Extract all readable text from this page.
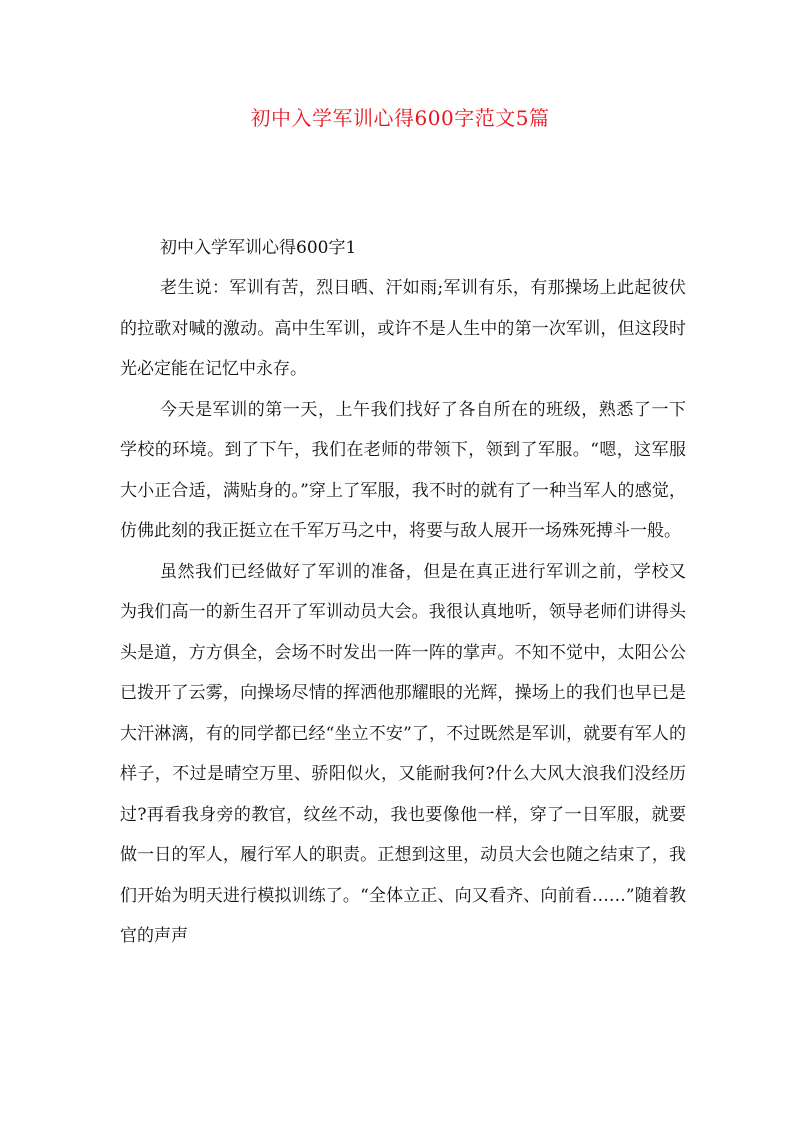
初中入学军训心得600字范文5篇
初中入学军训心得600字1

老生说：军训有苦，烈日晒、汗如雨;军训有乐，有那操场上此起彼伏的拉歌对喊的激动。高中生军训，或许不是人生中的第一次军训，但这段时光必定能在记忆中永存。

今天是军训的第一天，上午我们找好了各自所在的班级，熟悉了一下学校的环境。到了下午，我们在老师的带领下，领到了军服。“嗯，这军服大小正合适，满贴身的。”穿上了军服，我不时的就有了一种当军人的感觉，仿佛此刻的我正挺立在千军万马之中，将要与敌人展开一场殊死搏斗一般。

虽然我们已经做好了军训的准备，但是在真正进行军训之前，学校又为我们高一的新生召开了军训动员大会。我很认真地听，领导老师们讲得头头是道，方方俱全，会场不时发出一阵一阵的掌声。不知不觉中，太阳公公已拨开了云雾，向操场尽情的挥洒他那耀眼的光辉，操场上的我们也早已是大汗淋漓，有的同学都已经“坐立不安”了，不过既然是军训，就要有军人的样子，不过是晴空万里、骄阳似火，又能耐我何?什么大风大浪我们没经历过?再看我身旁的教官，纹丝不动，我也要像他一样，穿了一日军服，就要做一日的军人，履行军人的职责。正想到这里，动员大会也随之结束了，我们开始为明天进行模拟训练了。“全体立正、向又看齐、向前看……”随着教官的声声
